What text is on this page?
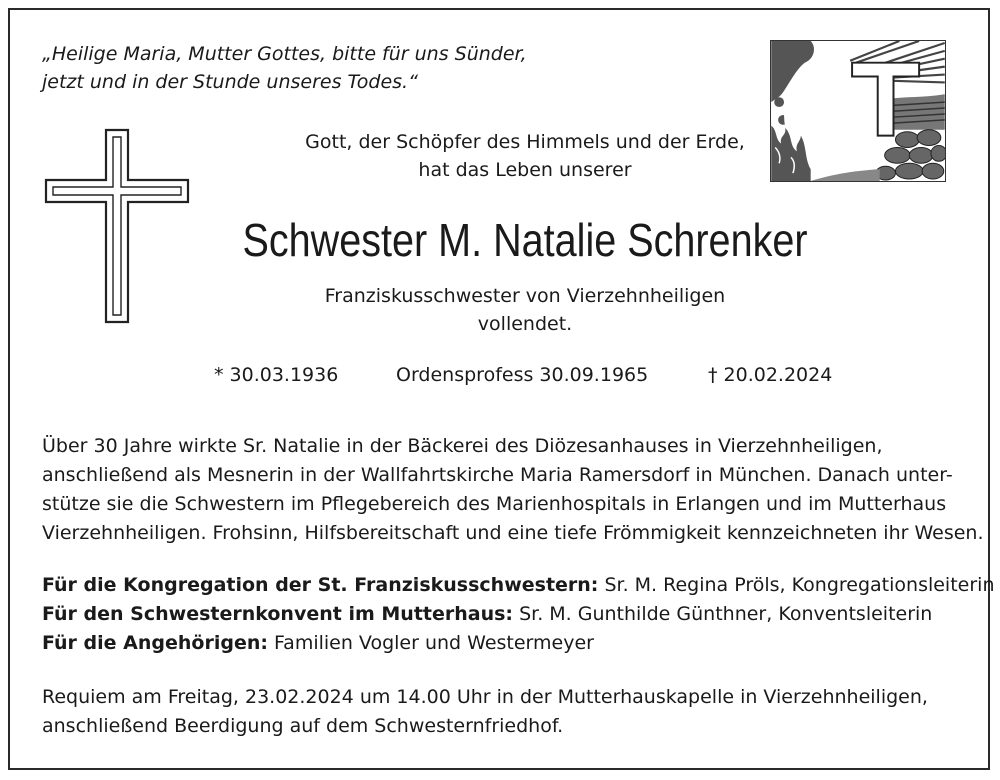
„Heilige Maria, Mutter Gottes, bitte für uns Sünder,
jetzt und in der Stunde unseres Todes.“
Gott, der Schöpfer des Himmels und der Erde,
hat das Leben unserer
Schwester M. Natalie Schrenker
Franziskusschwester von Vierzehnheiligen
vollendet.
* 30.03.1936	Ordensprofess 30.09.1965	† 20.02.2024
Über 30 Jahre wirkte Sr. Natalie in der Bäckerei des Diözesanhauses in Vierzehnheiligen,
anschließend als Mesnerin in der Wallfahrtskirche Maria Ramersdorf in München. Danach unter-
stütze sie die Schwestern im Pflegebereich des Marienhospitals in Erlangen und im Mutterhaus
Vierzehnheiligen. Frohsinn, Hilfsbereitschaft und eine tiefe Frömmigkeit kennzeichneten ihr Wesen.
Für die Kongregation der St. Franziskusschwestern: Sr. M. Regina Pröls, Kongregationsleiterin
Für den Schwesternkonvent im Mutterhaus: Sr. M. Gunthilde Günthner, Konventsleiterin
Für die Angehörigen: Familien Vogler und Westermeyer
Requiem am Freitag, 23.02.2024 um 14.00 Uhr in der Mutterhauskapelle in Vierzehnheiligen,
anschließend Beerdigung auf dem Schwesternfriedhof.
